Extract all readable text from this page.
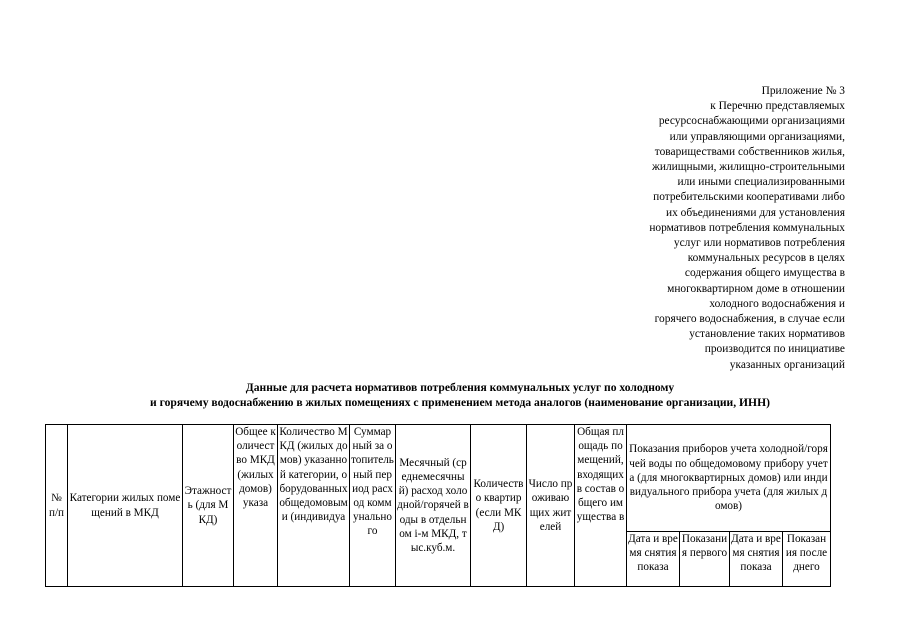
Приложение № 3
к Перечню представляемых
ресурсоснабжающими организациями
или управляющими организациями,
товариществами собственников жилья,
жилищными, жилищно-строительными
или иными специализированными
потребительскими кооперативами либо
их объединениями для установления
нормативов потребления коммунальных
услуг или нормативов потребления
коммунальных ресурсов в целях
содержания общего имущества в
многоквартирном доме в отношении
холодного водоснабжения и
горячего водоснабжения, в случае если
установление таких нормативов
производится по инициативе
указанных организаций
Данные для расчета нормативов потребления коммунальных услуг по холодному
и горячему водоснабжению в жилых помещениях с применением метода аналогов (наименование организации, ИНН)
№ п/п	Категории жилых помещений в МКД	Этажность (для МКД)	Общее количество МКД (жилых домов) указа	Количество МКД (жилых домов) указанной категории, оборудованных общедомовыми (индивидуа	Суммарный за отопительный период расход коммунального	Месячный (среднемесячный) расход холодной/горячей воды в отдельном i-м МКД, тыс.куб.м.	Количество квартир (если МКД)	Число проживающих жителей	Общая площадь помещений, входящих в состав общего имущества в	Показания приборов учета холодной/горячей воды по общедомовому прибору учета (для многоквартирных домов) или индивидуального прибора учета (для жилых домов)			

										Дата и время снятия показа	Показания первого	Дата и время снятия показа	Показания последнего
